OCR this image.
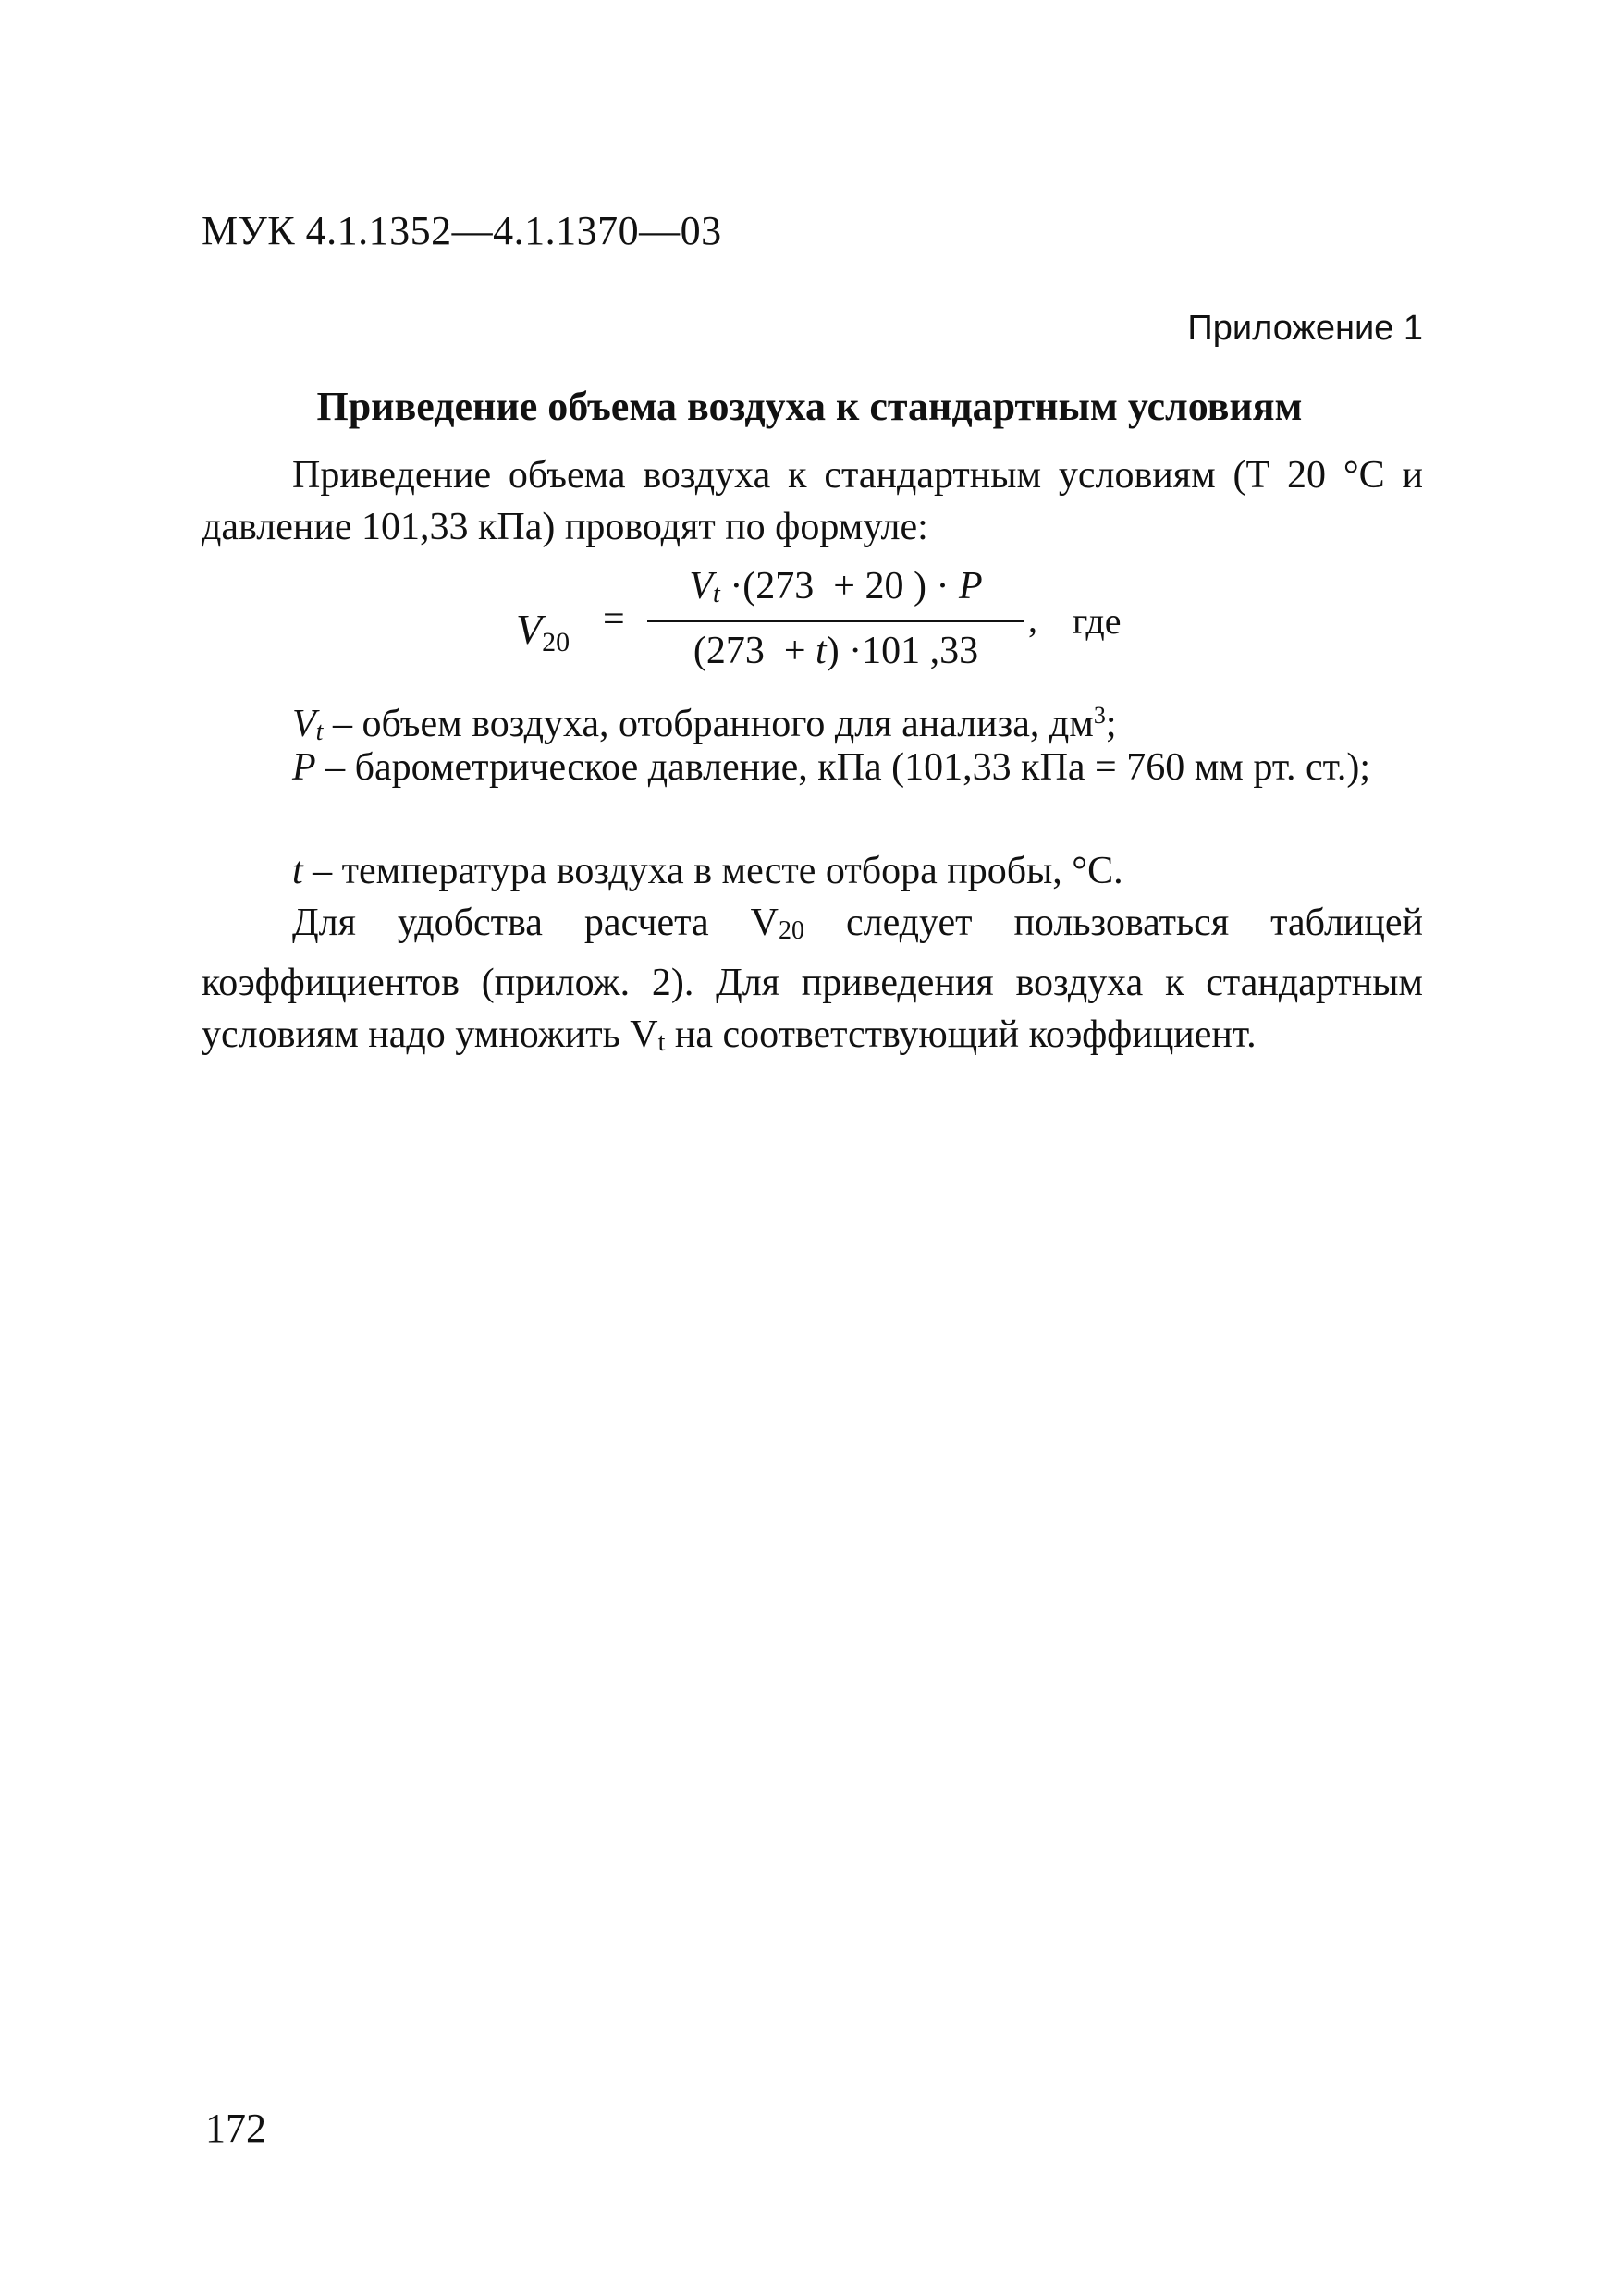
МУК 4.1.1352—4.1.1370—03
Приложение 1
Приведение объема воздуха к стандартным условиям
Приведение объема воздуха к стандартным условиям (Т 20 °С и давление 101,33 кПа) проводят по формуле:
$V_{20}$
=
$V_t \cdot(273 + 20$ ) · P
(273  + t) ·101 ,33
, где
$V_t$ – объем воздуха, отобранного для анализа, $дм^3$;
P – барометрическое давление, кПа (101,33 кПа = 760 мм рт. ст.);
t – температура воздуха в месте отбора пробы, °С.
Для удобства расчета $V_{20}$ следует пользоваться таблицей коэффициентов (прилож. 2). Для приведения воздуха к стандартным условиям надо умножить $V_t$ на соответствующий коэффициент.
172
